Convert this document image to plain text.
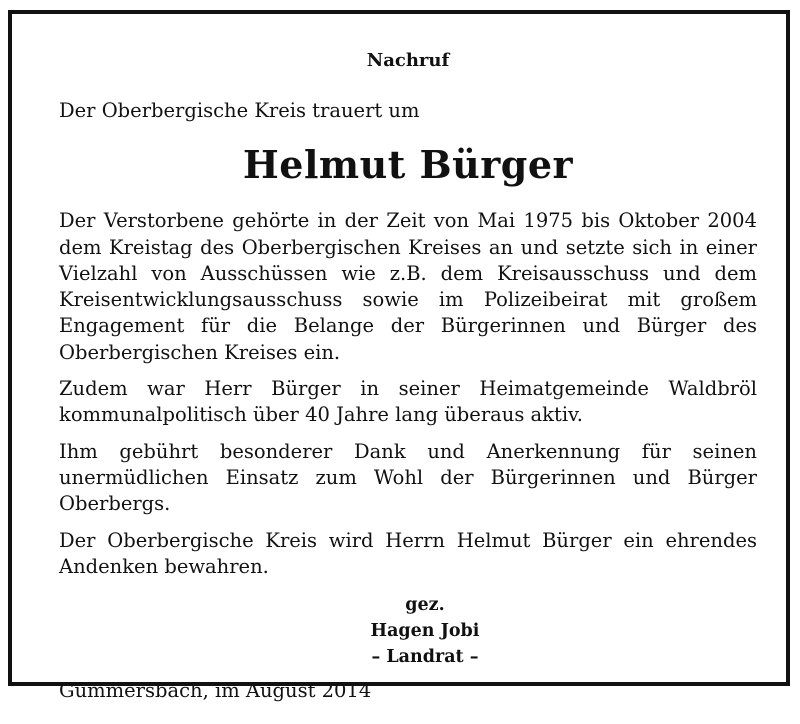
Nachruf

Der Oberbergische Kreis trauert um

Helmut Bürger

Der Verstorbene gehörte in der Zeit von Mai 1975 bis Oktober 2004 dem Kreistag des Oberbergischen Kreises an und setzte sich in einer Vielzahl von Ausschüssen wie z.B. dem Kreisausschuss und dem Kreisentwicklungsausschuss sowie im Polizeibeirat mit großem Engagement für die Belange der Bürgerinnen und Bürger des Oberbergischen Kreises ein.

Zudem war Herr Bürger in seiner Heimatgemeinde Waldbröl kommunalpolitisch über 40 Jahre lang überaus aktiv.

Ihm gebührt besonderer Dank und Anerkennung für seinen unermüdlichen Einsatz zum Wohl der Bürgerinnen und Bürger Oberbergs.

Der Oberbergische Kreis wird Herrn Helmut Bürger ein ehrendes Andenken bewahren.

gez.
Hagen Jobi
– Landrat –

Gummersbach, im August 2014
